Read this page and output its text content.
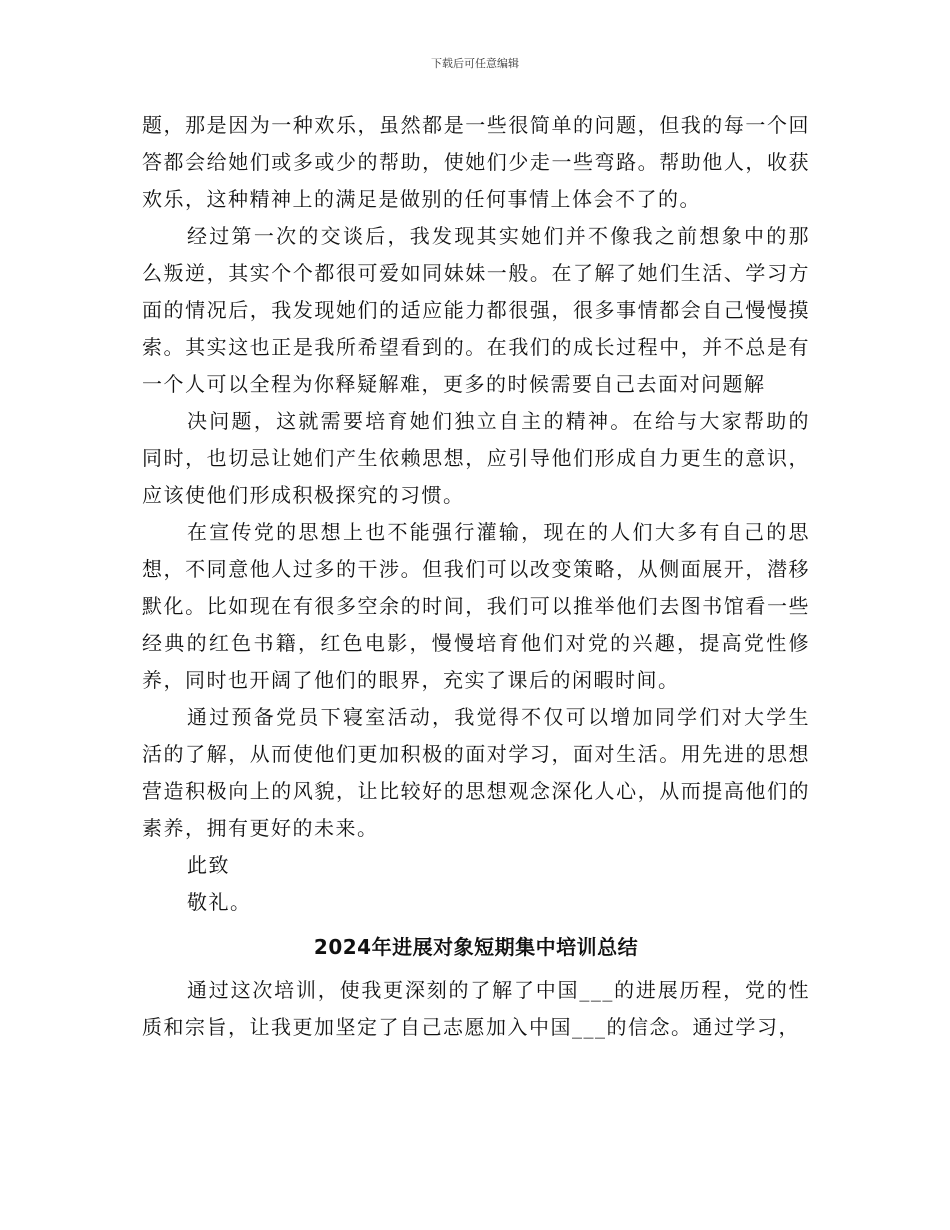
下载后可任意编辑

题，那是因为一种欢乐，虽然都是一些很简单的问题，但我的每一个回答都会给她们或多或少的帮助，使她们少走一些弯路。帮助他人，收获欢乐，这种精神上的满足是做别的任何事情上体会不了的。

经过第一次的交谈后，我发现其实她们并不像我之前想象中的那么叛逆，其实个个都很可爱如同妹妹一般。在了解了她们生活、学习方面的情况后，我发现她们的适应能力都很强，很多事情都会自己慢慢摸索。其实这也正是我所希望看到的。在我们的成长过程中，并不总是有一个人可以全程为你释疑解难，更多的时候需要自己去面对问题解

决问题，这就需要培育她们独立自主的精神。在给与大家帮助的同时，也切忌让她们产生依赖思想，应引导他们形成自力更生的意识，应该使他们形成积极探究的习惯。

在宣传党的思想上也不能强行灌输，现在的人们大多有自己的思想，不同意他人过多的干涉。但我们可以改变策略，从侧面展开，潜移默化。比如现在有很多空余的时间，我们可以推举他们去图书馆看一些经典的红色书籍，红色电影，慢慢培育他们对党的兴趣，提高党性修养，同时也开阔了他们的眼界，充实了课后的闲暇时间。

通过预备党员下寝室活动，我觉得不仅可以增加同学们对大学生活的了解，从而使他们更加积极的面对学习，面对生活。用先进的思想营造积极向上的风貌，让比较好的思想观念深化人心，从而提高他们的素养，拥有更好的未来。

此致

敬礼。

2024年进展对象短期集中培训总结

通过这次培训，使我更深刻的了解了中国___的进展历程，党的性质和宗旨，让我更加坚定了自己志愿加入中国___的信念。通过学习，
